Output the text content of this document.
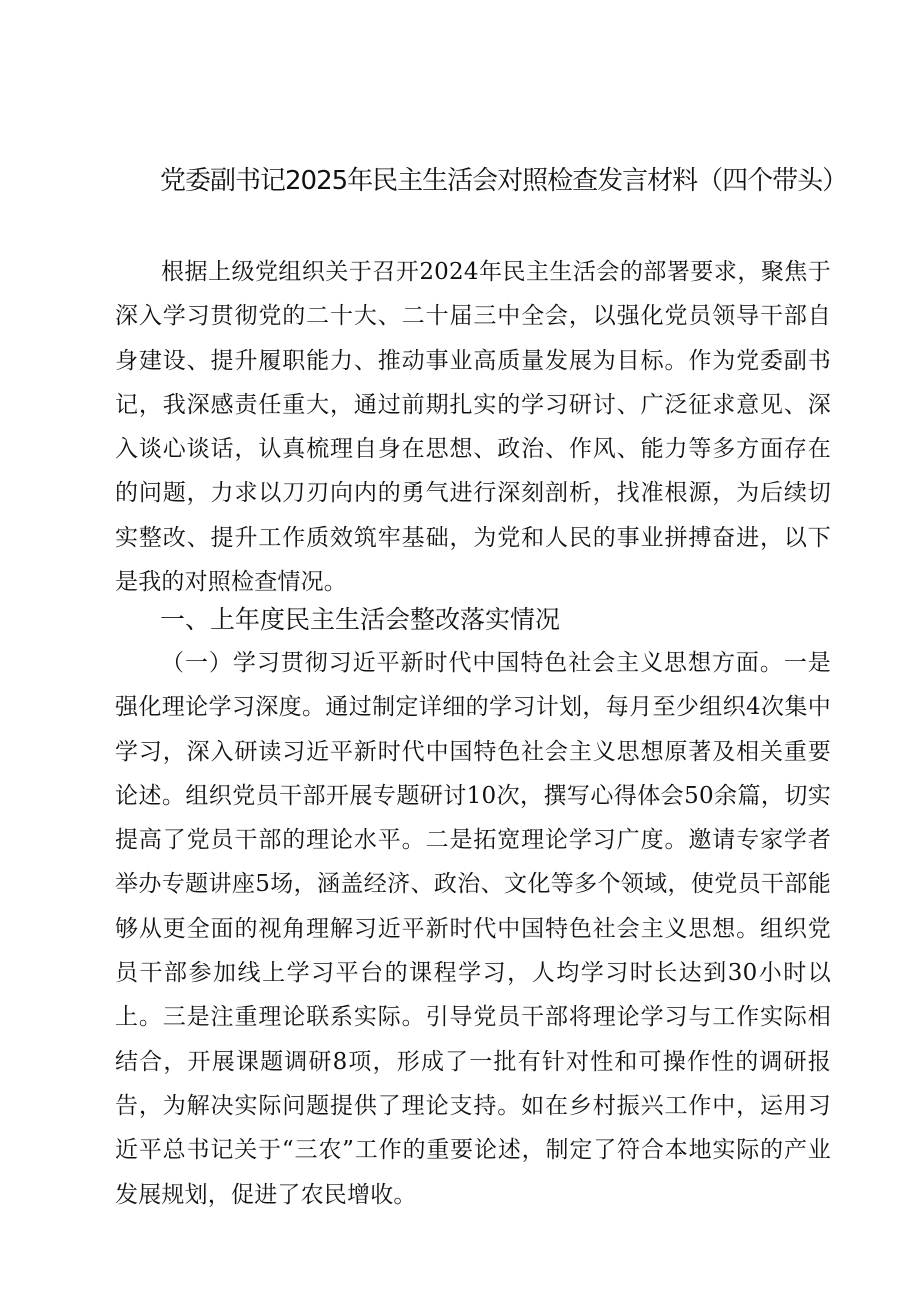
党委副书记2025年民主生活会对照检查发言材料（四个带头）

根据上级党组织关于召开2024年民主生活会的部署要求，聚焦于深入学习贯彻党的二十大、二十届三中全会，以强化党员领导干部自身建设、提升履职能力、推动事业高质量发展为目标。作为党委副书记，我深感责任重大，通过前期扎实的学习研讨、广泛征求意见、深入谈心谈话，认真梳理自身在思想、政治、作风、能力等多方面存在的问题，力求以刀刃向内的勇气进行深刻剖析，找准根源，为后续切实整改、提升工作质效筑牢基础，为党和人民的事业拼搏奋进，以下是我的对照检查情况。

一、上年度民主生活会整改落实情况

（一）学习贯彻习近平新时代中国特色社会主义思想方面。一是强化理论学习深度。通过制定详细的学习计划，每月至少组织4次集中学习，深入研读习近平新时代中国特色社会主义思想原著及相关重要论述。组织党员干部开展专题研讨10次，撰写心得体会50余篇，切实提高了党员干部的理论水平。二是拓宽理论学习广度。邀请专家学者举办专题讲座5场，涵盖经济、政治、文化等多个领域，使党员干部能够从更全面的视角理解习近平新时代中国特色社会主义思想。组织党员干部参加线上学习平台的课程学习，人均学习时长达到30小时以上。三是注重理论联系实际。引导党员干部将理论学习与工作实际相结合，开展课题调研8项，形成了一批有针对性和可操作性的调研报告，为解决实际问题提供了理论支持。如在乡村振兴工作中，运用习近平总书记关于“三农”工作的重要论述，制定了符合本地实际的产业发展规划，促进了农民增收。
